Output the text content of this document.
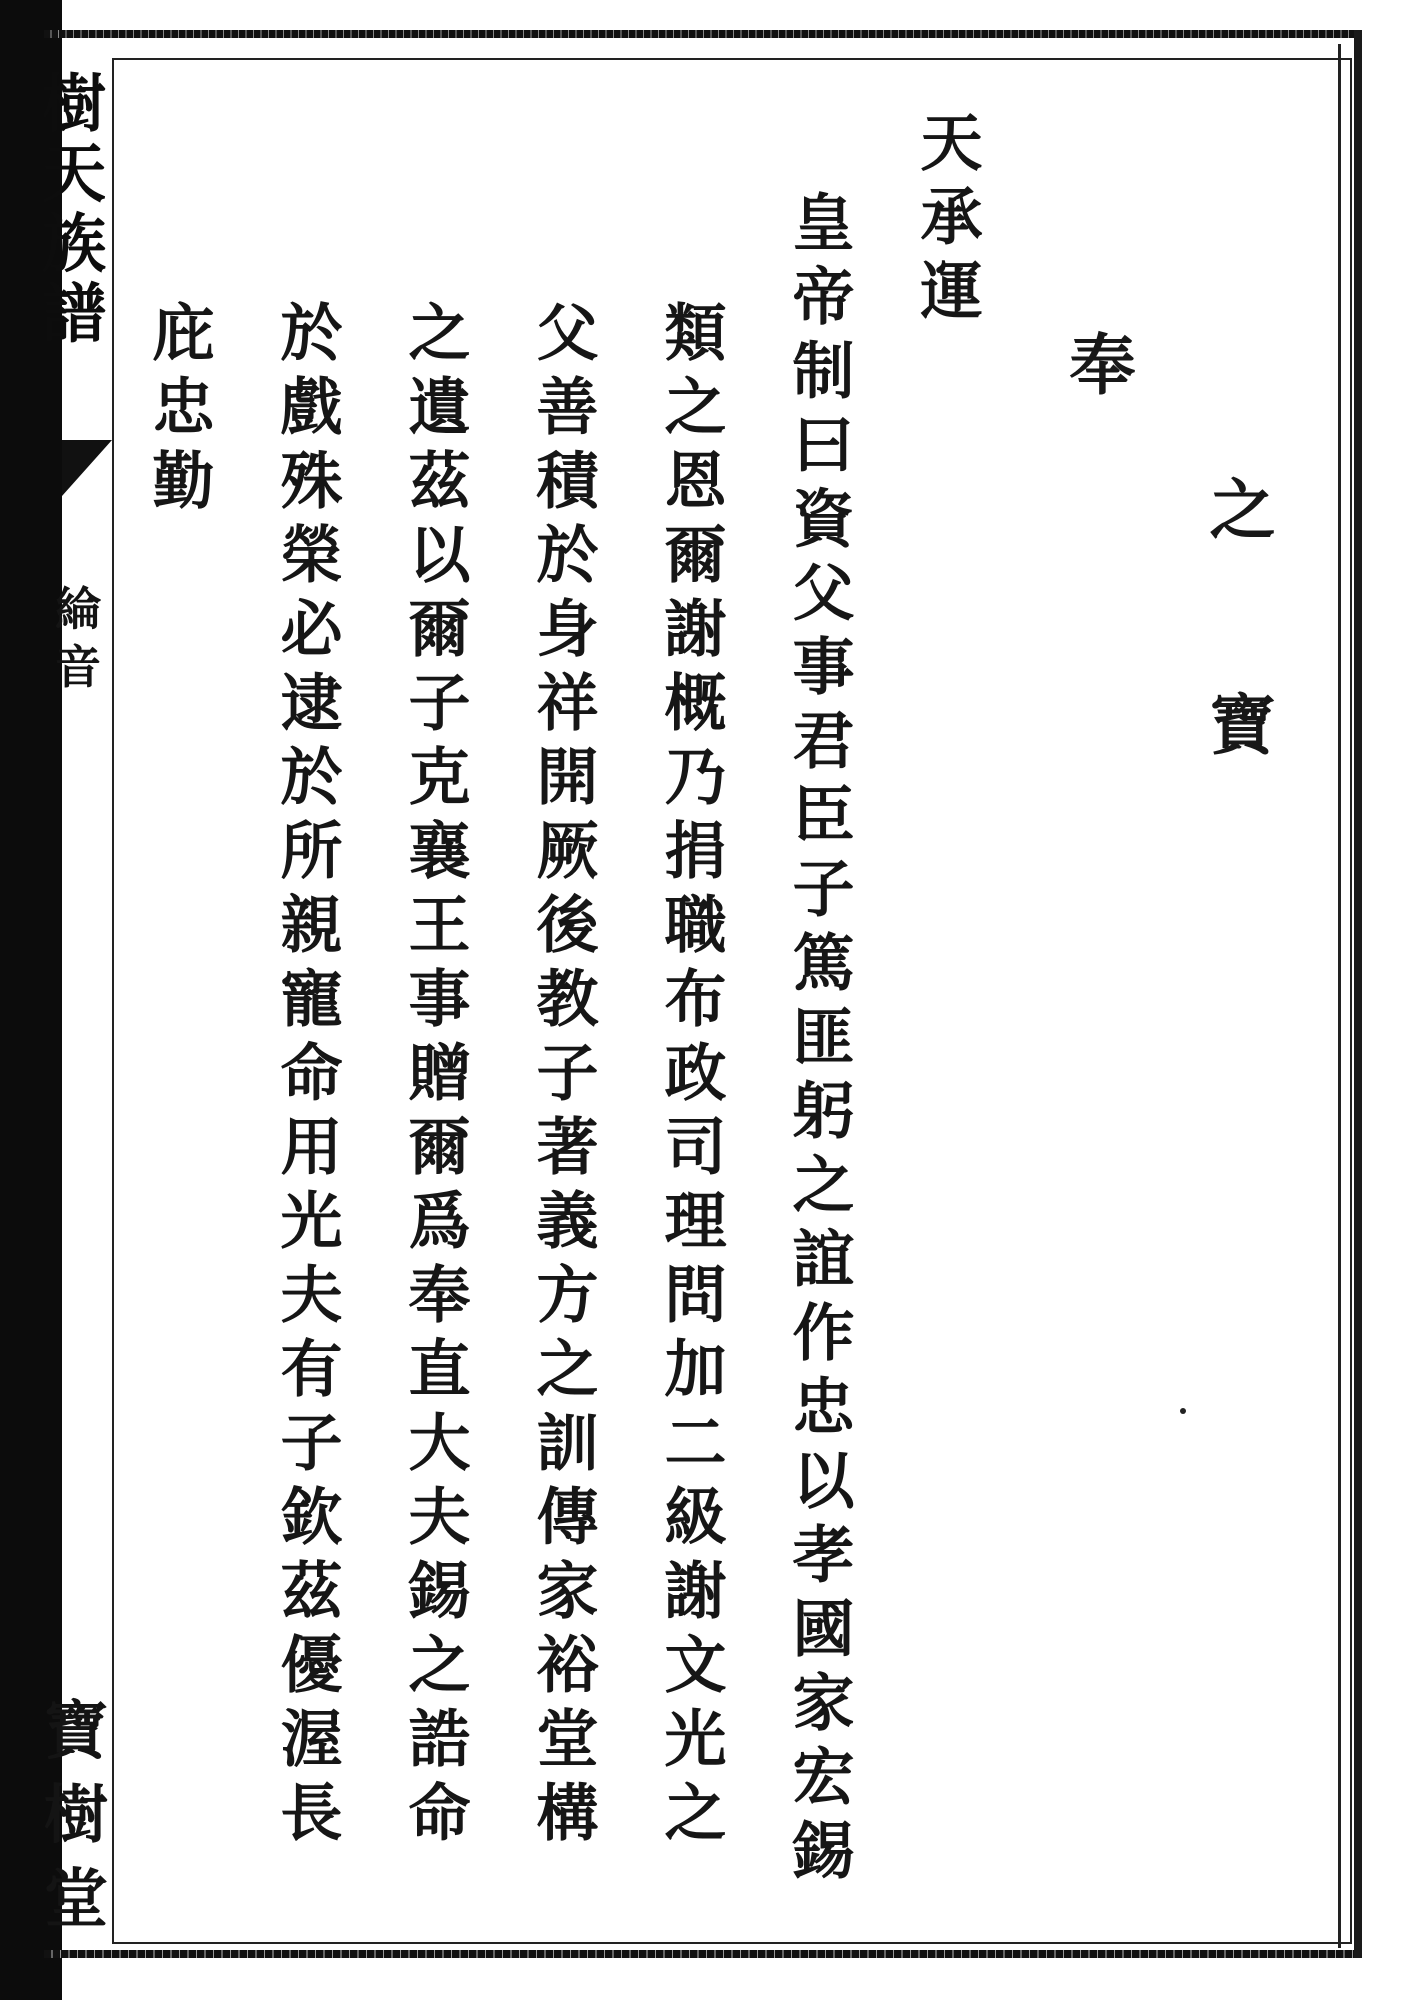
樹天族譜
綸音
寶樹堂
奉
之
寶
天承運
皇帝制曰資父事君臣子篤匪躬之誼作忠以孝國家宏錫
類之恩爾謝概乃捐職布政司理問加二級謝文光之
父善積於身祥開厥後教子著義方之訓傳家裕堂構
之遺茲以爾子克襄王事贈爾爲奉直大夫錫之誥命
於戲殊榮必逮於所親寵命用光夫有子欽茲優渥長
庇忠勤
